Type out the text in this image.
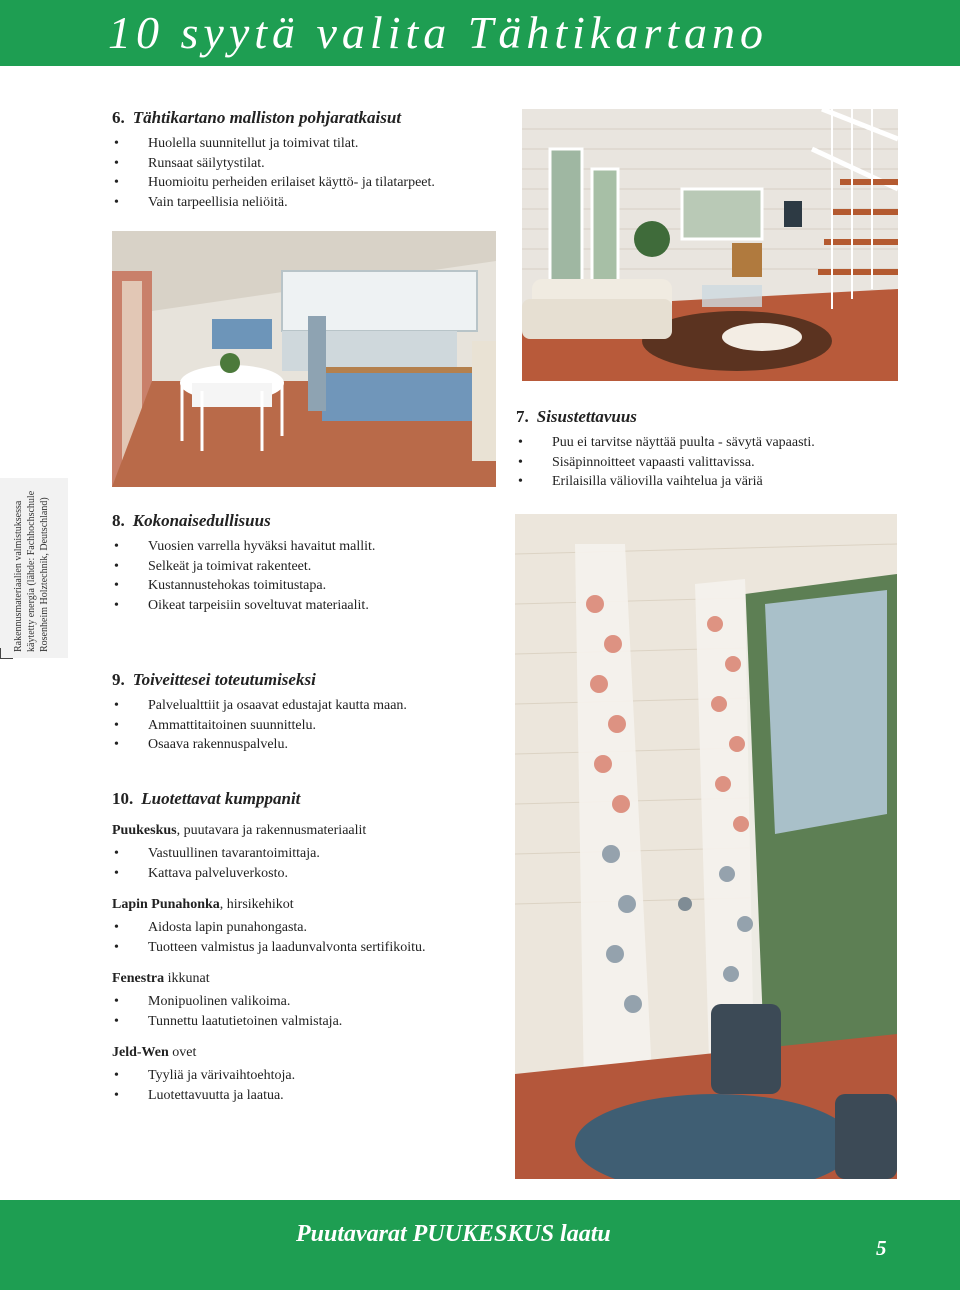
10 syytä valita Tähtikartano
6. Tähtikartano malliston pohjaratkaisut
• Huolella suunnitellut ja toimivat tilat.
• Runsaat säilytystilat.
• Huomioitu perheiden erilaiset käyttö- ja tilatarpeet.
• Vain tarpeellisia neliöitä.
7. Sisustettavuus
• Puu ei tarvitse näyttää puulta - sävytä vapaasti.
• Sisäpinnoitteet vapaasti valittavissa.
• Erilaisilla väliovilla vaihtelua ja väriä
Rakennusmateriaalien valmistuksessa käytetty energia (lähde: Fachhochschule Rosenheim Holztechnik, Deutschland)	8. Kokonaisedullisuus
• Vuosien varrella hyväksi havaitut mallit.
• Selkeät ja toimivat rakenteet.
• Kustannustehokas toimitustapa.
• Oikeat tarpeisiin soveltuvat materiaalit.
9. Toiveittesei toteutumiseksi
• Palvelualttiit ja osaavat edustajat kautta maan.
• Ammattitaitoinen suunnittelu.
• Osaava rakennuspalvelu.
10. Luotettavat kumppanit
Puukeskus, puutavara ja rakennusmateriaalit
• Vastuullinen tavarantoimittaja.
• Kattava palveluverkosto.
Lapin Punahonka, hirsikehikot
• Aidosta lapin punahongasta.
• Tuotteen valmistus ja laadunvalvonta sertifikoitu.
Fenestra ikkunat
• Monipuolinen valikoima.
• Tunnettu laatutietoinen valmistaja.
Jeld-Wen ovet
• Tyyliä ja värivaihtoehtoja.
• Luotettavuutta ja laatua.
Puutavarat PUUKESKUS laatu
5
